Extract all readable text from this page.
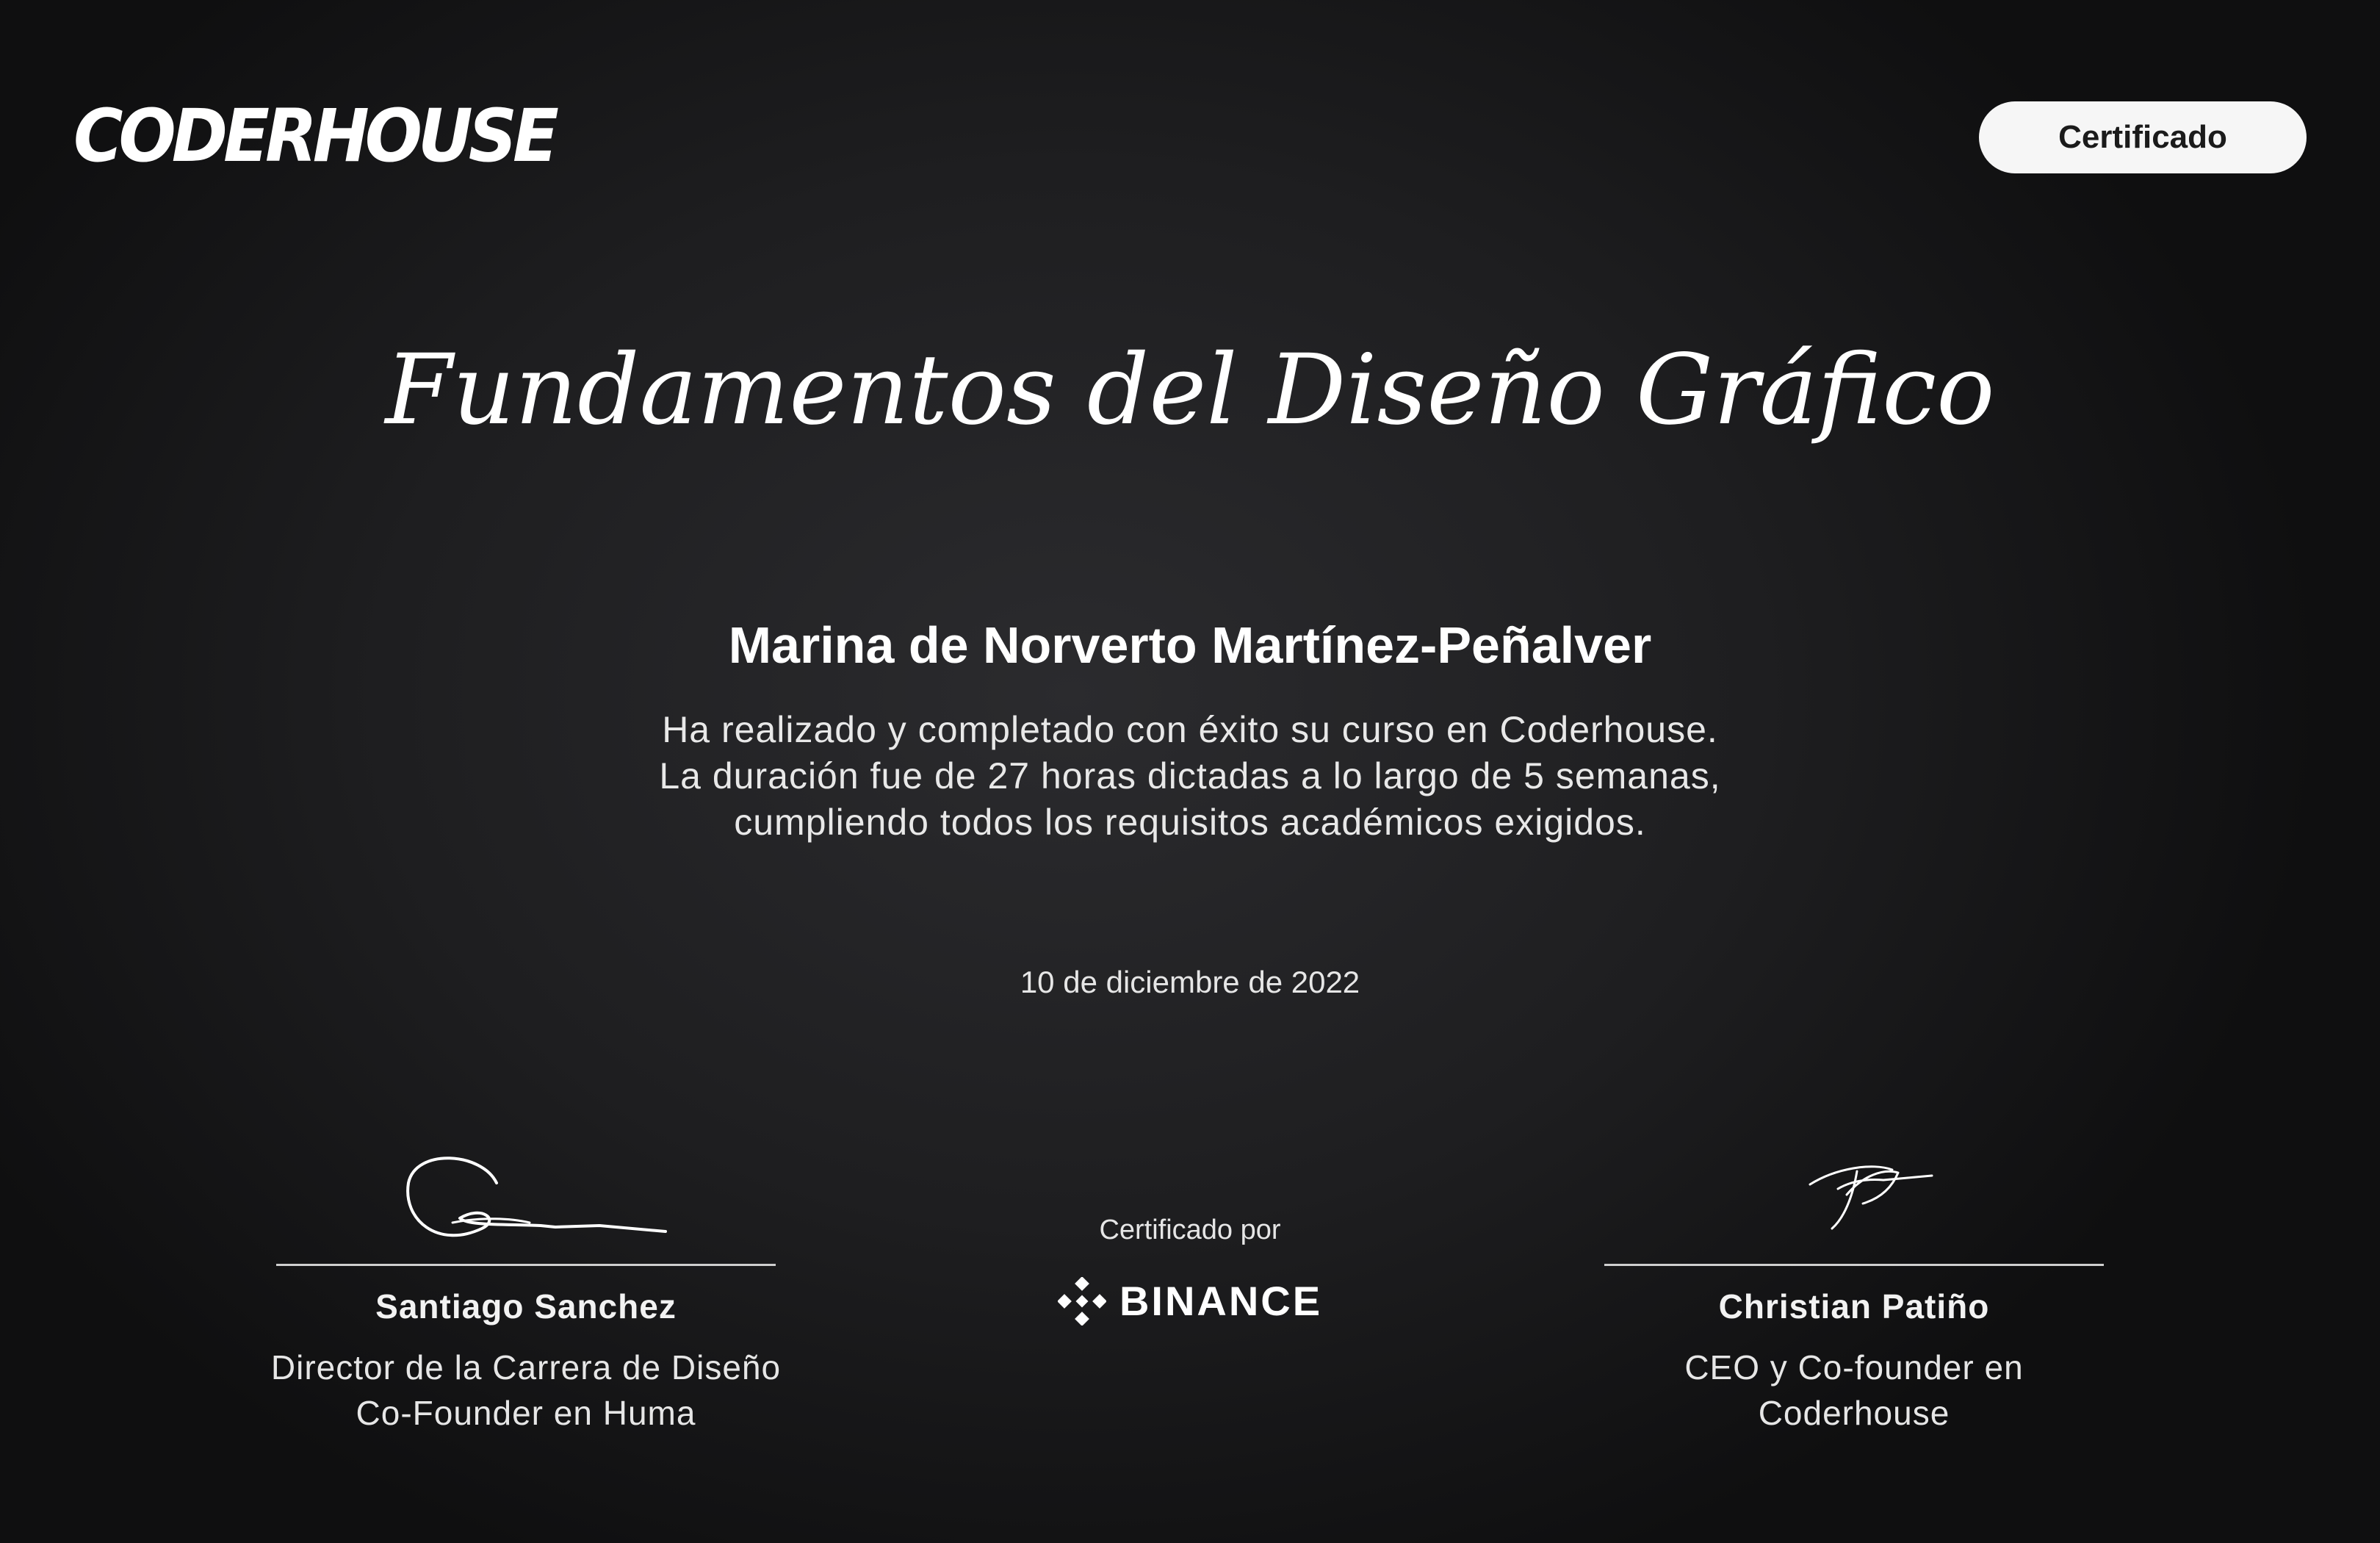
CODERHOUSE	Certificado
Fundamentos del Diseño Gráfico
Marina de Norverto Martínez-Peñalver
Ha realizado y completado con éxito su curso en Coderhouse.
La duración fue de 27 horas dictadas a lo largo de 5 semanas,
cumpliendo todos los requisitos académicos exigidos.
10 de diciembre de 2022
Santiago Sanchez
Director de la Carrera de Diseño
Co-Founder en Huma
Certificado por
BINANCE	Christian Patiño
CEO y Co-founder en Coderhouse
